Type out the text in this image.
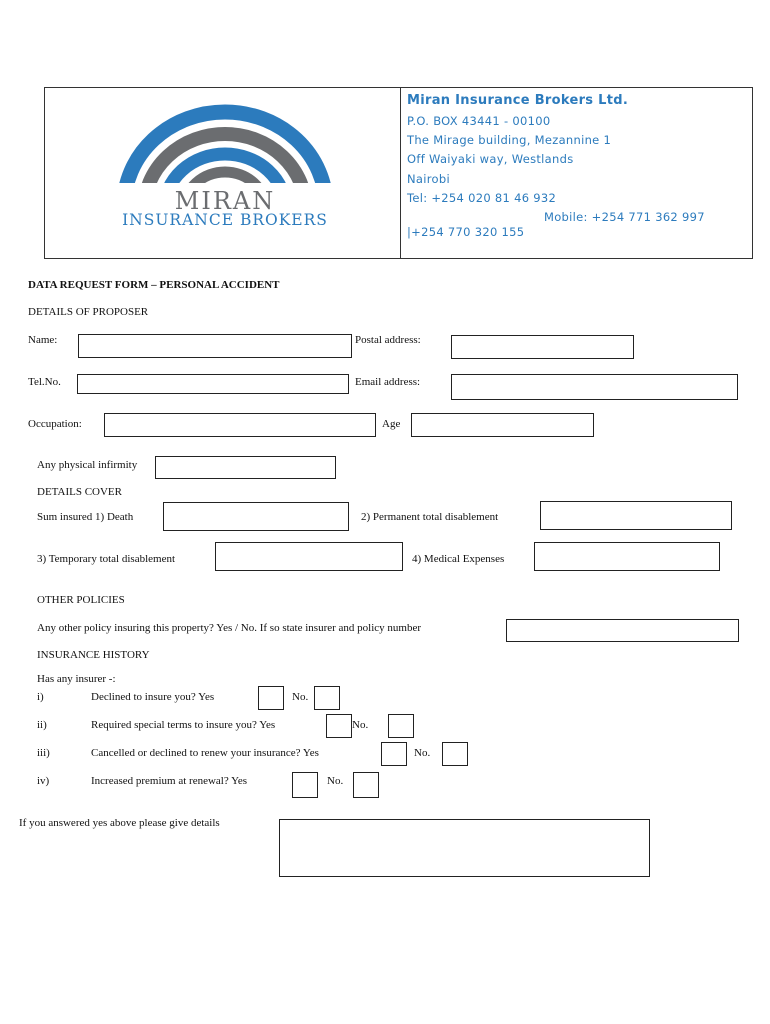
MIRAN
INSURANCE BROKERS
Miran Insurance Brokers Ltd.
P.O. BOX 43441 - 00100
The Mirage building, Mezannine 1
Off Waiyaki way, Westlands
Nairobi
Tel: +254 020 81 46 932
Mobile: +254 771 362 997
|+254 770 320 155
DATA REQUEST FORM – PERSONAL ACCIDENT
DETAILS OF PROPOSER
Name:	Postal address:
Tel.No.	Email address:
Occupation:	Age
Any physical infirmity
DETAILS COVER
Sum insured 1) Death	2) Permanent total disablement
3) Temporary total disablement	4) Medical Expenses
OTHER POLICIES
Any other policy insuring this property? Yes / No. If so state insurer and policy number
INSURANCE HISTORY
Has any insurer -:
i)	Declined to insure you? Yes	No.
ii)	Required special terms to insure you? Yes	No.
iii)	Cancelled or declined to renew your insurance? Yes	No.
iv)	Increased premium at renewal? Yes	No.
If you answered yes above please give details
